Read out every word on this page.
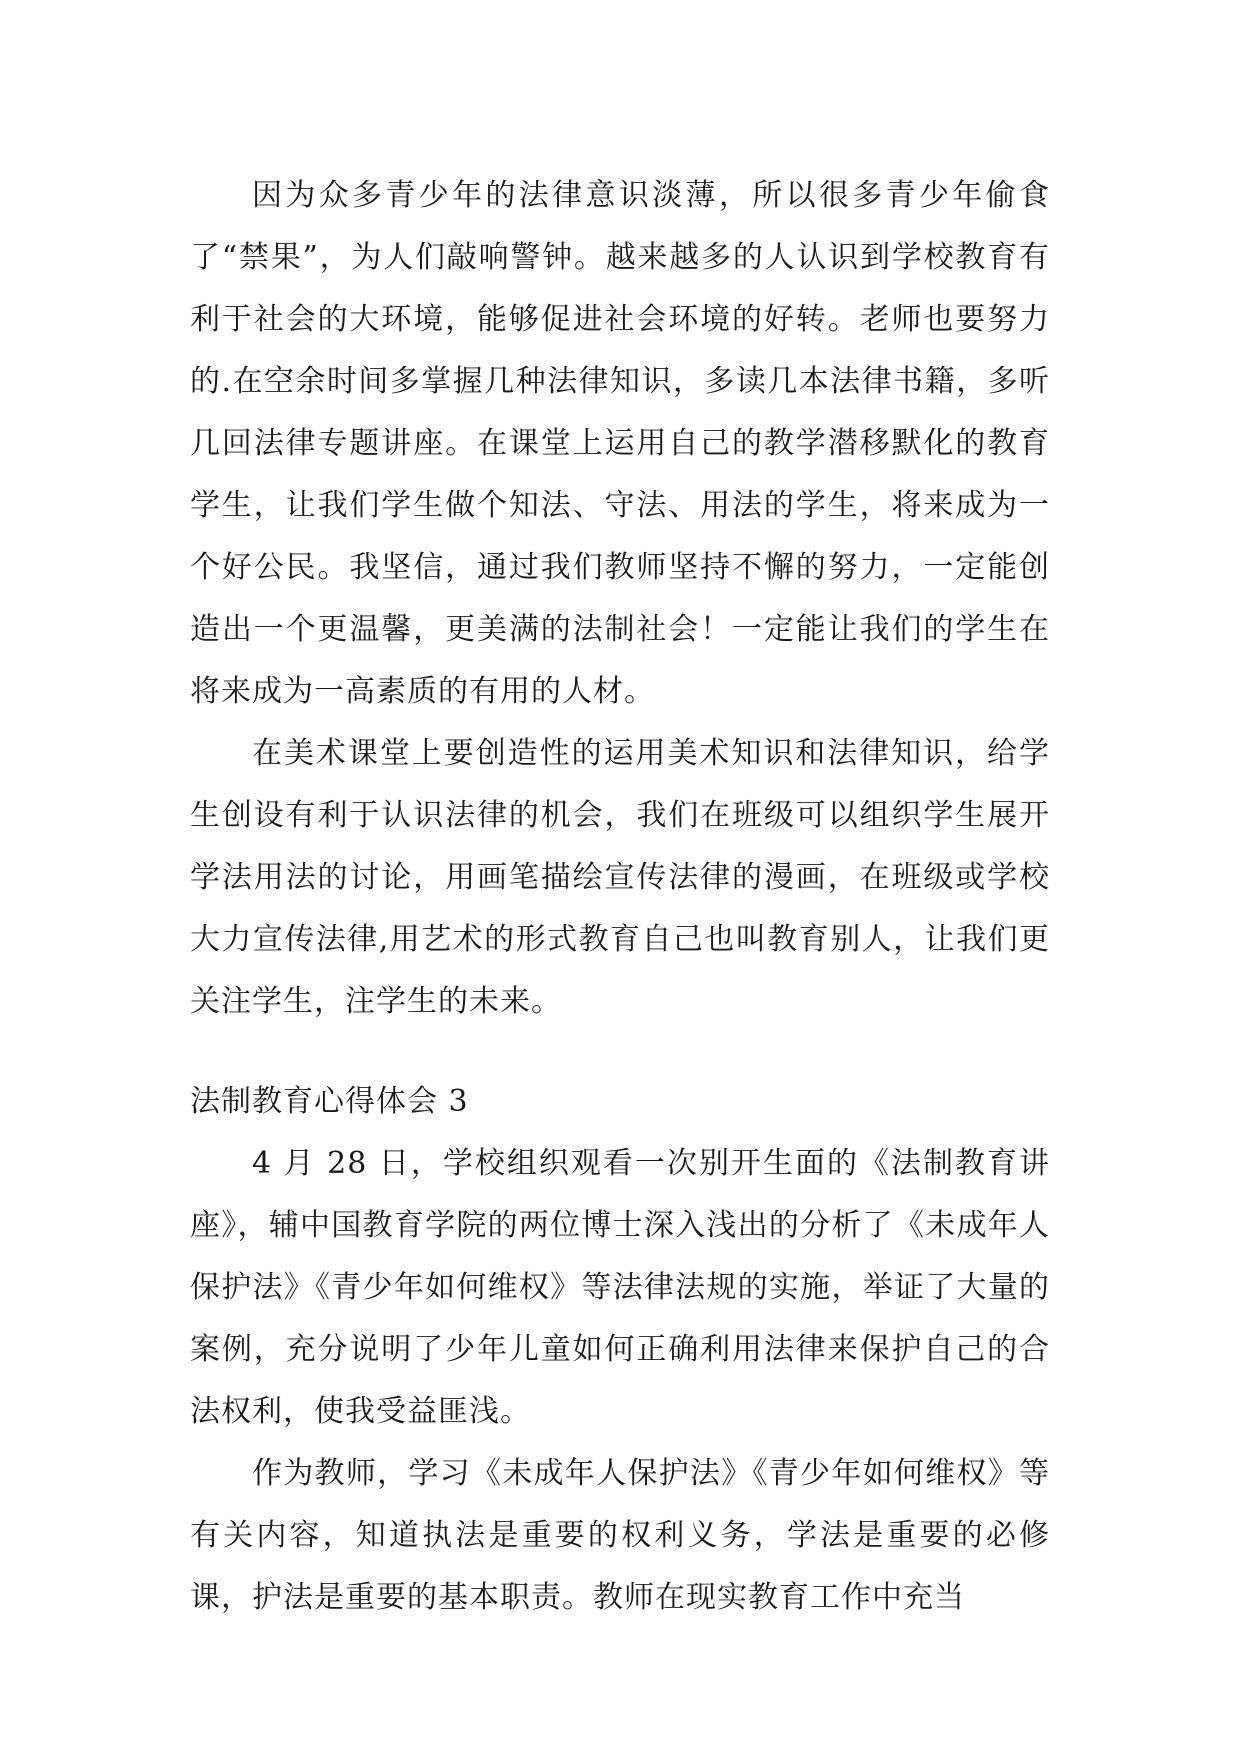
因为众多青少年的法律意识淡薄，所以很多青少年偷食了“禁果”，为人们敲响警钟。越来越多的人认识到学校教育有利于社会的大环境，能够促进社会环境的好转。老师也要努力的.在空余时间多掌握几种法律知识，多读几本法律书籍，多听几回法律专题讲座。在课堂上运用自己的教学潜移默化的教育学生，让我们学生做个知法、守法、用法的学生，将来成为一个好公民。我坚信，通过我们教师坚持不懈的努力，一定能创造出一个更温馨，更美满的法制社会！一定能让我们的学生在将来成为一高素质的有用的人材。

在美术课堂上要创造性的运用美术知识和法律知识，给学生创设有利于认识法律的机会，我们在班级可以组织学生展开学法用法的讨论，用画笔描绘宣传法律的漫画，在班级或学校大力宣传法律,用艺术的形式教育自己也叫教育别人，让我们更关注学生，注学生的未来。

法制教育心得体会 3

4 月 28 日，学校组织观看一次别开生面的《法制教育讲座》，辅中国教育学院的两位博士深入浅出的分析了《未成年人保护法》《青少年如何维权》等法律法规的实施，举证了大量的案例，充分说明了少年儿童如何正确利用法律来保护自己的合法权利，使我受益匪浅。

作为教师，学习《未成年人保护法》《青少年如何维权》等有关内容，知道执法是重要的权利义务，学法是重要的必修课，护法是重要的基本职责。教师在现实教育工作中充当
